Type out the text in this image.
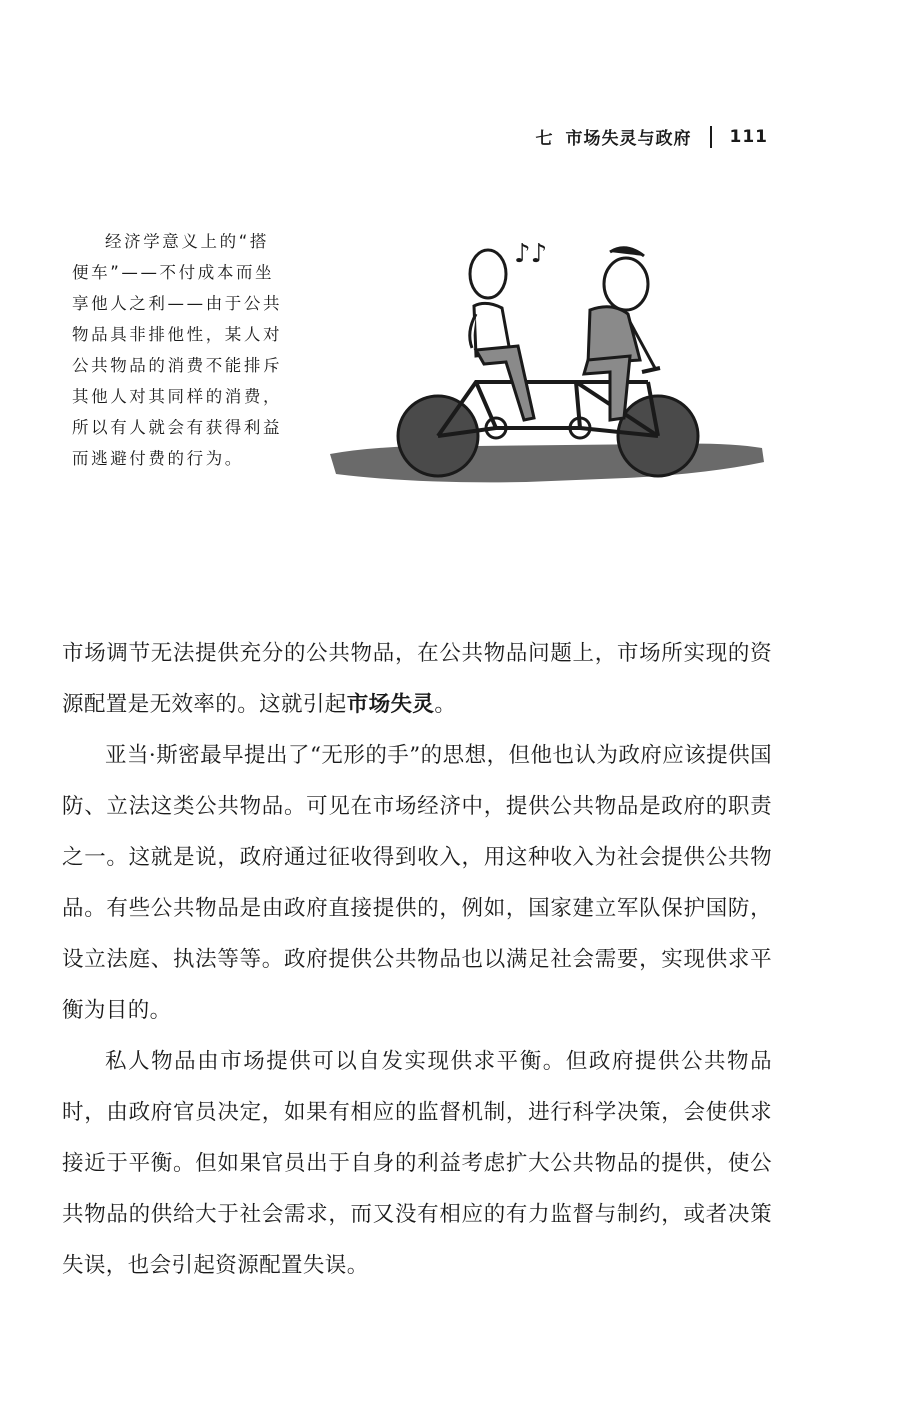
七 市场失灵与政府 111

经济学意义上的“搭便车”——不付成本而坐享他人之利——由于公共物品具非排他性，某人对公共物品的消费不能排斥其他人对其同样的消费，所以有人就会有获得利益而逃避付费的行为。

♪♪

市场调节无法提供充分的公共物品，在公共物品问题上，市场所实现的资源配置是无效率的。这就引起市场失灵。

亚当·斯密最早提出了“无形的手”的思想，但他也认为政府应该提供国防、立法这类公共物品。可见在市场经济中，提供公共物品是政府的职责之一。这就是说，政府通过征收得到收入，用这种收入为社会提供公共物品。有些公共物品是由政府直接提供的，例如，国家建立军队保护国防，设立法庭、执法等等。政府提供公共物品也以满足社会需要，实现供求平衡为目的。

私人物品由市场提供可以自发实现供求平衡。但政府提供公共物品时，由政府官员决定，如果有相应的监督机制，进行科学决策，会使供求接近于平衡。但如果官员出于自身的利益考虑扩大公共物品的提供，使公共物品的供给大于社会需求，而又没有相应的有力监督与制约，或者决策失误，也会引起资源配置失误。
